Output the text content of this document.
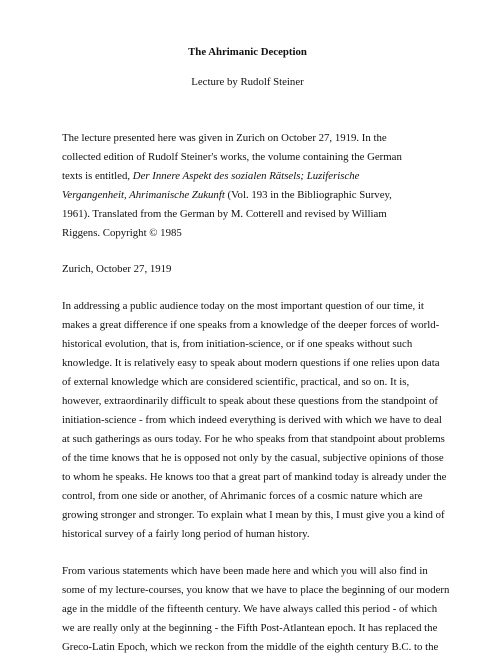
The Ahrimanic Deception
Lecture by Rudolf Steiner
The lecture presented here was given in Zurich on October 27, 1919. In the
collected edition of Rudolf Steiner's works, the volume containing the German
texts is entitled, Der Innere Aspekt des sozialen Rätsels; Luziferische
Vergangenheit, Ahrimanische Zukunft (Vol. 193 in the Bibliographic Survey,
1961). Translated from the German by M. Cotterell and revised by William
Riggens. Copyright © 1985
Zurich, October 27, 1919
In addressing a public audience today on the most important question of our time, it
makes a great difference if one speaks from a knowledge of the deeper forces of world-
historical evolution, that is, from initiation-science, or if one speaks without such
knowledge. It is relatively easy to speak about modern questions if one relies upon data
of external knowledge which are considered scientific, practical, and so on. It is,
however, extraordinarily difficult to speak about these questions from the standpoint of
initiation-science - from which indeed everything is derived with which we have to deal
at such gatherings as ours today. For he who speaks from that standpoint about problems
of the time knows that he is opposed not only by the casual, subjective opinions of those
to whom he speaks. He knows too that a great part of mankind today is already under the
control, from one side or another, of Ahrimanic forces of a cosmic nature which are
growing stronger and stronger. To explain what I mean by this, I must give you a kind of
historical survey of a fairly long period of human history.
From various statements which have been made here and which you will also find in
some of my lecture-courses, you know that we have to place the beginning of our modern
age in the middle of the fifteenth century. We have always called this period - of which
we are really only at the beginning - the Fifth Post-Atlantean epoch. It has replaced the
Greco-Latin Epoch, which we reckon from the middle of the eighth century B.C. to the
